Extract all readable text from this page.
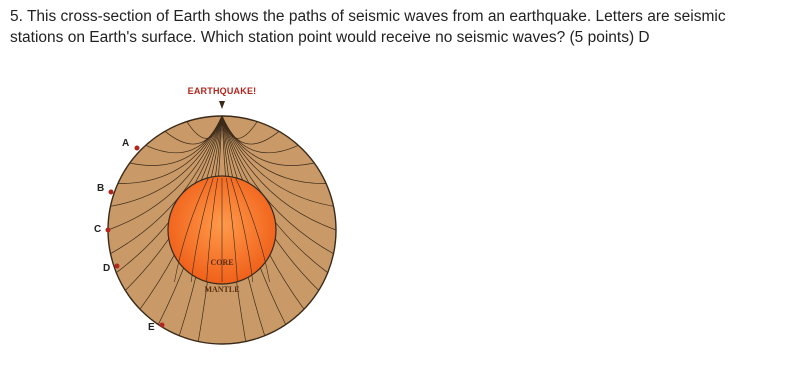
5. This cross-section of Earth shows the paths of seismic waves from an earthquake. Letters are seismic stations on Earth's surface. Which station point would receive no seismic waves? (5 points) D

EARTHQUAKE!
A
B
C
D
E
CORE
MANTLE
